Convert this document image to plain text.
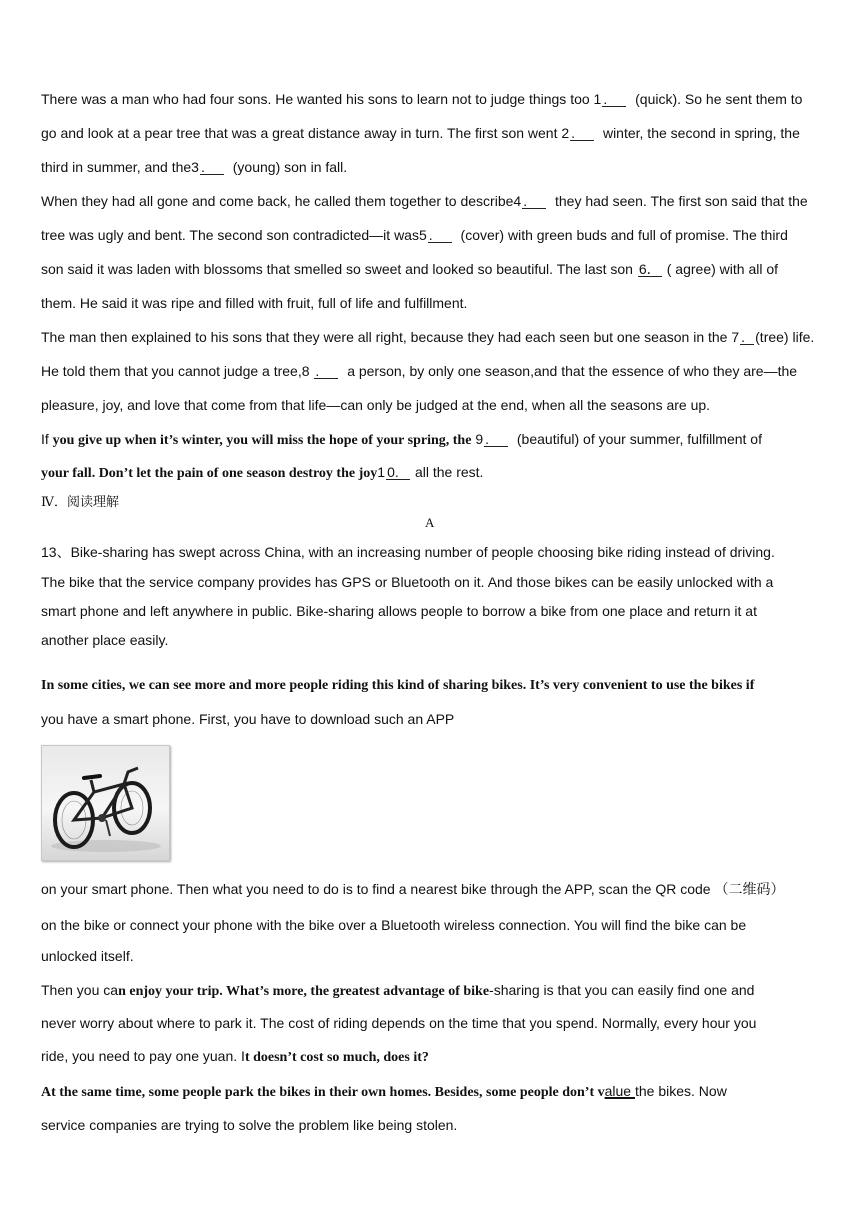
There was a man who had four sons. He wanted his sons to learn not to judge things too 1 . (quick). So he sent them to
go and look at a pear tree that was a great distance away in turn. The first son went 2 . winter, the second in spring, the
third in summer, and the3 . (young) son in fall.
When they had all gone and come back, he called them together to describe4 . they had seen. The first son said that the
tree was ugly and bent. The second son contradicted—it was5 . (cover) with green buds and full of promise. The third
son said it was laden with blossoms that smelled so sweet and looked so beautiful. The last son 6． ( agree) with all of
them. He said it was ripe and filled with fruit, full of life and fulfillment.
The man then explained to his sons that they were all right, because they had each seen but one season in the 7 . (tree) life.
He told them that you cannot judge a tree,8 . a person, by only one season,and that the essence of who they are—the
pleasure, joy, and love that come from that life—can only be judged at the end, when all the seasons are up.
If you give up when it’s winter, you will miss the hope of your spring, the 9 . (beautiful) of your summer, fulfillment of
your fall. Don’t let the pain of one season destroy the joy1 0. all the rest.
Ⅳ．阅读理解
A
13、Bike-sharing has swept across China, with an increasing number of people choosing bike riding instead of driving.
The bike that the service company provides has GPS or Bluetooth on it. And those bikes can be easily unlocked with a
smart phone and left anywhere in public. Bike-sharing allows people to borrow a bike from one place and return it at
another place easily.
In some cities, we can see more and more people riding this kind of sharing bikes. It’s very convenient to use the bikes if
you have a smart phone. First, you have to download such an APP
on your smart phone. Then what you need to do is to find a nearest bike through the APP, scan the QR code （二维码）
on the bike or connect your phone with the bike over a Bluetooth wireless connection. You will find the bike can be
unlocked itself.
Then you can enjoy your trip. What’s more, the greatest advantage of bike-sharing is that you can easily find one and
never worry about where to park it. The cost of riding depends on the time that you spend. Normally, every hour you
ride, you need to pay one yuan. It doesn’t cost so much, does it?
At the same time, some people park the bikes in their own homes. Besides, some people don’t value the bikes. Now
service companies are trying to solve the problem like being stolen.
